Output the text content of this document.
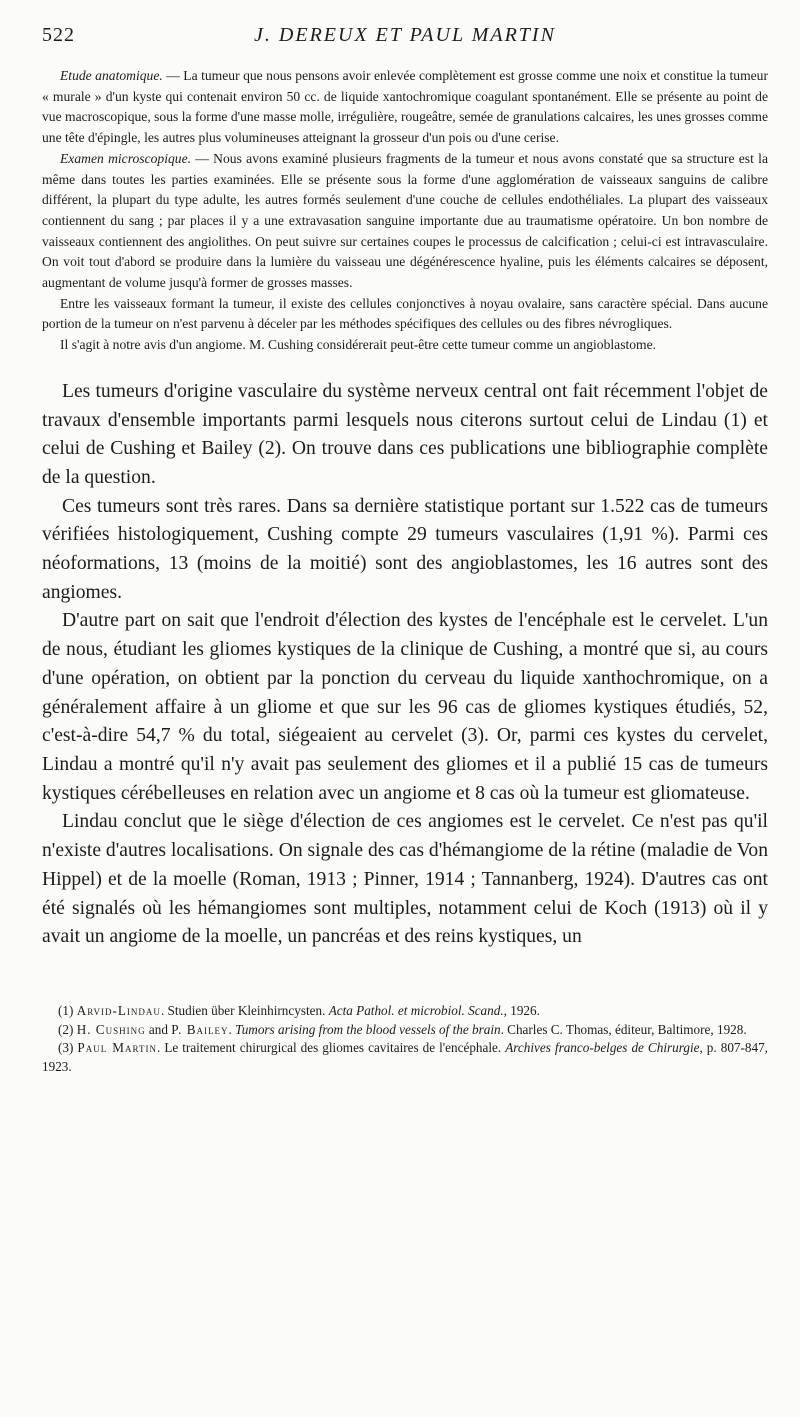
522	J. DEREUX ET PAUL MARTIN

Etude anatomique. — La tumeur que nous pensons avoir enlevée complètement est grosse comme une noix et constitue la tumeur « murale » d'un kyste qui contenait environ 50 cc. de liquide xantochromique coagulant spontanément. Elle se présente au point de vue macroscopique, sous la forme d'une masse molle, irrégulière, rougeâtre, semée de granulations calcaires, les unes grosses comme une tête d'épingle, les autres plus volumineuses atteignant la grosseur d'un pois ou d'une cerise.

Examen microscopique. — Nous avons examiné plusieurs fragments de la tumeur et nous avons constaté que sa structure est la même dans toutes les parties examinées. Elle se présente sous la forme d'une agglomération de vaisseaux sanguins de calibre différent, la plupart du type adulte, les autres formés seulement d'une couche de cellules endothéliales. La plupart des vaisseaux contiennent du sang ; par places il y a une extravasation sanguine importante due au traumatisme opératoire. Un bon nombre de vaisseaux contiennent des angiolithes. On peut suivre sur certaines coupes le processus de calcification ; celui-ci est intravasculaire. On voit tout d'abord se produire dans la lumière du vaisseau une dégénérescence hyaline, puis les éléments calcaires se déposent, augmentant de volume jusqu'à former de grosses masses.

Entre les vaisseaux formant la tumeur, il existe des cellules conjonctives à noyau ovalaire, sans caractère spécial. Dans aucune portion de la tumeur on n'est parvenu à déceler par les méthodes spécifiques des cellules ou des fibres névrogliques.

Il s'agit à notre avis d'un angiome. M. Cushing considérerait peut-être cette tumeur comme un angioblastome.

Les tumeurs d'origine vasculaire du système nerveux central ont fait récemment l'objet de travaux d'ensemble importants parmi lesquels nous citerons surtout celui de Lindau (1) et celui de Cushing et Bailey (2). On trouve dans ces publications une bibliographie complète de la question.

Ces tumeurs sont très rares. Dans sa dernière statistique portant sur 1.522 cas de tumeurs vérifiées histologiquement, Cushing compte 29 tumeurs vasculaires (1,91 %). Parmi ces néoformations, 13 (moins de la moitié) sont des angioblastomes, les 16 autres sont des angiomes.

D'autre part on sait que l'endroit d'élection des kystes de l'encéphale est le cervelet. L'un de nous, étudiant les gliomes kystiques de la clinique de Cushing, a montré que si, au cours d'une opération, on obtient par la ponction du cerveau du liquide xanthochromique, on a généralement affaire à un gliome et que sur les 96 cas de gliomes kystiques étudiés, 52, c'est-à-dire 54,7 % du total, siégeaient au cervelet (3). Or, parmi ces kystes du cervelet, Lindau a montré qu'il n'y avait pas seulement des gliomes et il a publié 15 cas de tumeurs kystiques cérébelleuses en relation avec un angiome et 8 cas où la tumeur est gliomateuse.

Lindau conclut que le siège d'élection de ces angiomes est le cervelet. Ce n'est pas qu'il n'existe d'autres localisations. On signale des cas d'hémangiome de la rétine (maladie de Von Hippel) et de la moelle (Roman, 1913 ; Pinner, 1914 ; Tannanberg, 1924). D'autres cas ont été signalés où les hémangiomes sont multiples, notamment celui de Koch (1913) où il y avait un angiome de la moelle, un pancréas et des reins kystiques, un

(1) Arvid-Lindau. Studien über Kleinhirncysten. Acta Pathol. et microbiol. Scand., 1926.

(2) H. Cushing and P. Bailey. Tumors arising from the blood vessels of the brain. Charles C. Thomas, éditeur, Baltimore, 1928.

(3) Paul Martin. Le traitement chirurgical des gliomes cavitaires de l'encéphale. Archives franco-belges de Chirurgie, p. 807-847, 1923.
